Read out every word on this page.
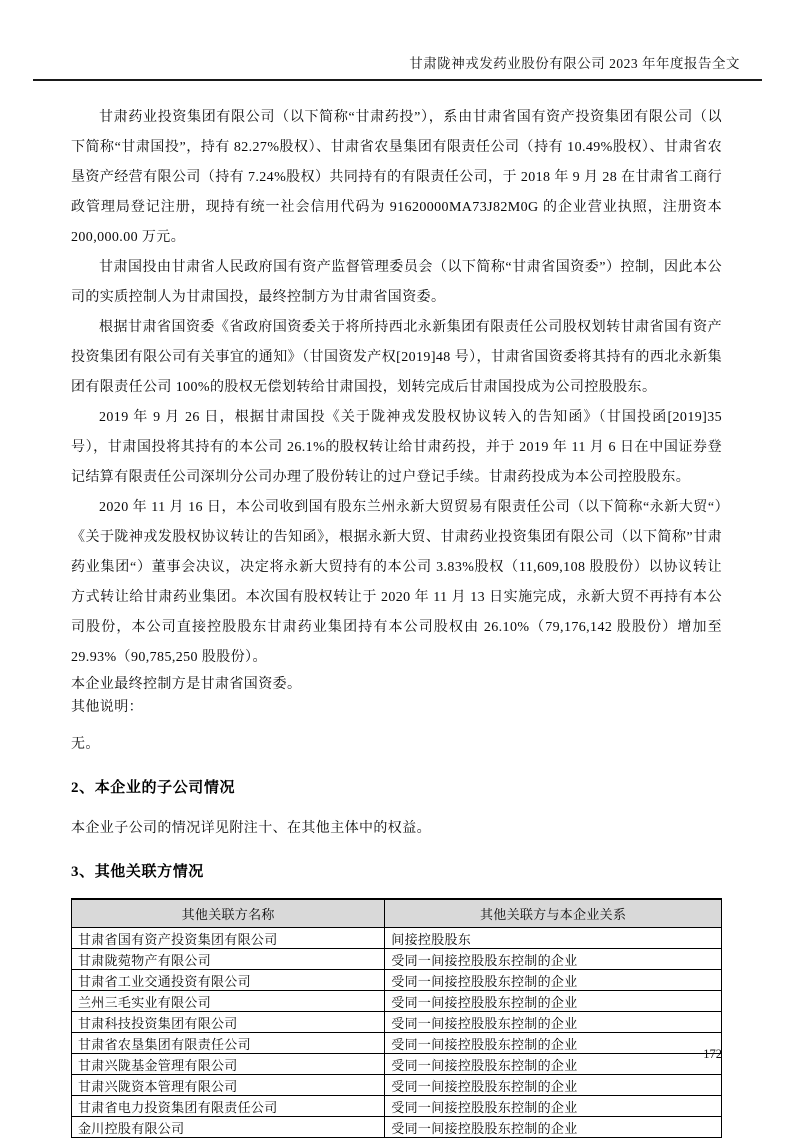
甘肃陇神戎发药业股份有限公司 2023 年年度报告全文

甘肃药业投资集团有限公司（以下简称“甘肃药投”），系由甘肃省国有资产投资集团有限公司（以下简称“甘肃国投”，持有 82.27%股权）、甘肃省农垦集团有限责任公司（持有 10.49%股权）、甘肃省农垦资产经营有限公司（持有 7.24%股权）共同持有的有限责任公司，于 2018 年 9 月 28 在甘肃省工商行政管理局登记注册，现持有统一社会信用代码为 91620000MA73J82M0G 的企业营业执照，注册资本 200,000.00 万元。

甘肃国投由甘肃省人民政府国有资产监督管理委员会（以下简称“甘肃省国资委”）控制，因此本公司的实质控制人为甘肃国投，最终控制方为甘肃省国资委。

根据甘肃省国资委《省政府国资委关于将所持西北永新集团有限责任公司股权划转甘肃省国有资产投资集团有限公司有关事宜的通知》（甘国资发产权[2019]48 号），甘肃省国资委将其持有的西北永新集团有限责任公司 100%的股权无偿划转给甘肃国投，划转完成后甘肃国投成为公司控股股东。

2019 年 9 月 26 日，根据甘肃国投《关于陇神戎发股权协议转入的告知函》（甘国投函[2019]35 号），甘肃国投将其持有的本公司 26.1%的股权转让给甘肃药投，并于 2019 年 11 月 6 日在中国证券登记结算有限责任公司深圳分公司办理了股份转让的过户登记手续。甘肃药投成为本公司控股股东。

2020 年 11 月 16 日，本公司收到国有股东兰州永新大贸贸易有限责任公司（以下简称“永新大贸“）《关于陇神戎发股权协议转让的告知函》，根据永新大贸、甘肃药业投资集团有限公司（以下简称”甘肃药业集团“）董事会决议，决定将永新大贸持有的本公司 3.83%股权（11,609,108 股股份）以协议转让方式转让给甘肃药业集团。本次国有股权转让于 2020 年 11 月 13 日实施完成，永新大贸不再持有本公司股份，本公司直接控股股东甘肃药业集团持有本公司股权由 26.10%（79,176,142 股股份）增加至 29.93%（90,785,250 股股份）。

本企业最终控制方是甘肃省国资委。

其他说明：

无。

2、本企业的子公司情况

本企业子公司的情况详见附注十、在其他主体中的权益。

3、其他关联方情况
其他关联方名称	其他关联方与本企业关系
甘肃省国有资产投资集团有限公司	间接控股股东
甘肃陇菀物产有限公司	受同一间接控股股东控制的企业
甘肃省工业交通投资有限公司	受同一间接控股股东控制的企业
兰州三毛实业有限公司	受同一间接控股股东控制的企业
甘肃科技投资集团有限公司	受同一间接控股股东控制的企业
甘肃省农垦集团有限责任公司	受同一间接控股股东控制的企业
甘肃兴陇基金管理有限公司	受同一间接控股股东控制的企业
甘肃兴陇资本管理有限公司	受同一间接控股股东控制的企业
甘肃省电力投资集团有限责任公司	受同一间接控股股东控制的企业
金川控股有限公司	受同一间接控股股东控制的企业
172
